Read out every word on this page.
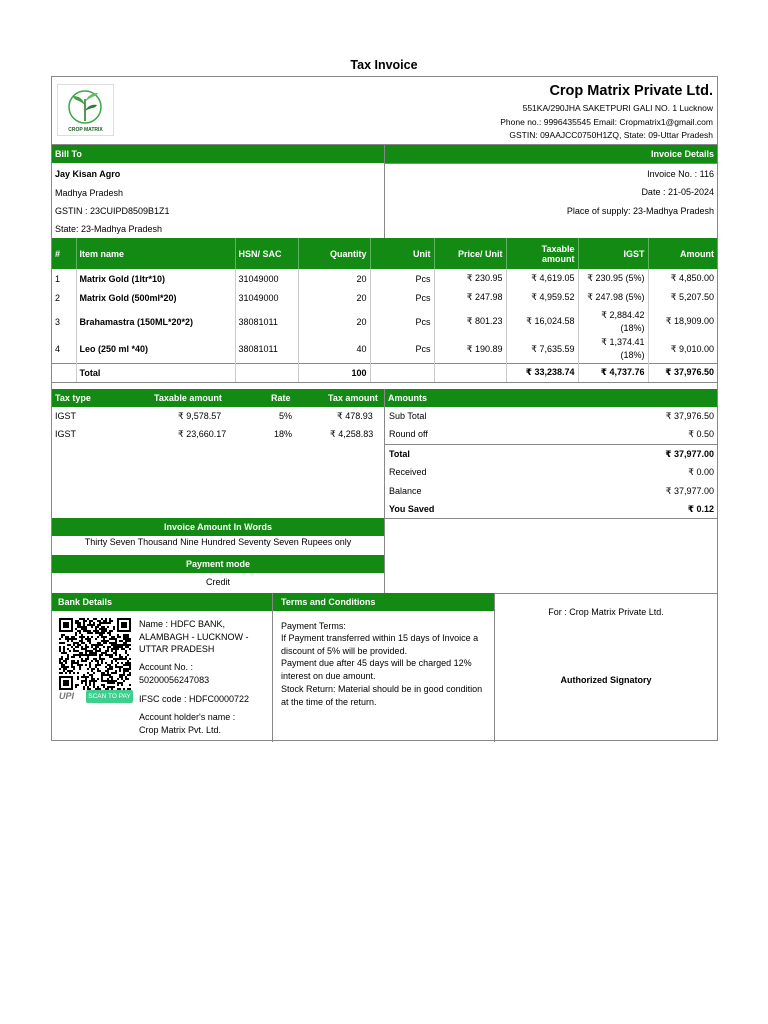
Tax Invoice
CROP MATRIX
Crop Matrix Private Ltd.
551KA/290JHA SAKETPURI GALI NO. 1 Lucknow
Phone no.: 9996435545 Email: Cropmatrix1@gmail.com
GSTIN: 09AAJCC0750H1ZQ, State: 09-Uttar Pradesh
Bill To	Invoice Details
Jay Kisan Agro
Madhya Pradesh
GSTIN : 23CUIPD8509B1Z1
State: 23-Madhya Pradesh
Invoice No. : 116
Date : 21-05-2024
Place of supply: 23-Madhya Pradesh
#	Item name	HSN/ SAC	Quantity	Unit	Price/ Unit	Taxable amount	IGST	Amount
1	Matrix Gold (1ltr*10)	31049000	20	Pcs	₹ 230.95	₹ 4,619.05	₹ 230.95 (5%)	₹ 4,850.00
2	Matrix Gold (500ml*20)	31049000	20	Pcs	₹ 247.98	₹ 4,959.52	₹ 247.98 (5%)	₹ 5,207.50
3	Brahamastra (150ML*20*2)	38081011	20	Pcs	₹ 801.23	₹ 16,024.58	₹ 2,884.42 (18%)	₹ 18,909.00
4	Leo (250 ml *40)	38081011	40	Pcs	₹ 190.89	₹ 7,635.59	₹ 1,374.41 (18%)	₹ 9,010.00
	Total		100			₹ 33,238.74	₹ 4,737.76	₹ 37,976.50
Tax type	Taxable amount	Rate	Tax amount	Amounts
IGST	₹ 9,578.57	5%	₹ 478.93
IGST	₹ 23,660.17	18%	₹ 4,258.83
Sub Total	₹ 37,976.50
Round off	₹ 0.50
Total	₹ 37,977.00
Received	₹ 0.00
Balance	₹ 37,977.00
You Saved	₹ 0.12
Invoice Amount In Words
Thirty Seven Thousand Nine Hundred Seventy Seven Rupees only
Payment mode
Credit
Bank Details	Terms and Conditions
UPI	SCAN TO PAY
Name : HDFC BANK, ALAMBAGH - LUCKNOW - UTTAR PRADESH
Account No. :
50200056247083
IFSC code : HDFC0000722
Account holder's name :
Crop Matrix Pvt. Ltd.
Payment Terms:
If Payment transferred within 15 days of Invoice a discount of 5% will be provided.
Payment due after 45 days will be charged 12% interest on due amount.
Stock Return: Material should be in good condition at the time of the return.
For : Crop Matrix Private Ltd.
Authorized Signatory
